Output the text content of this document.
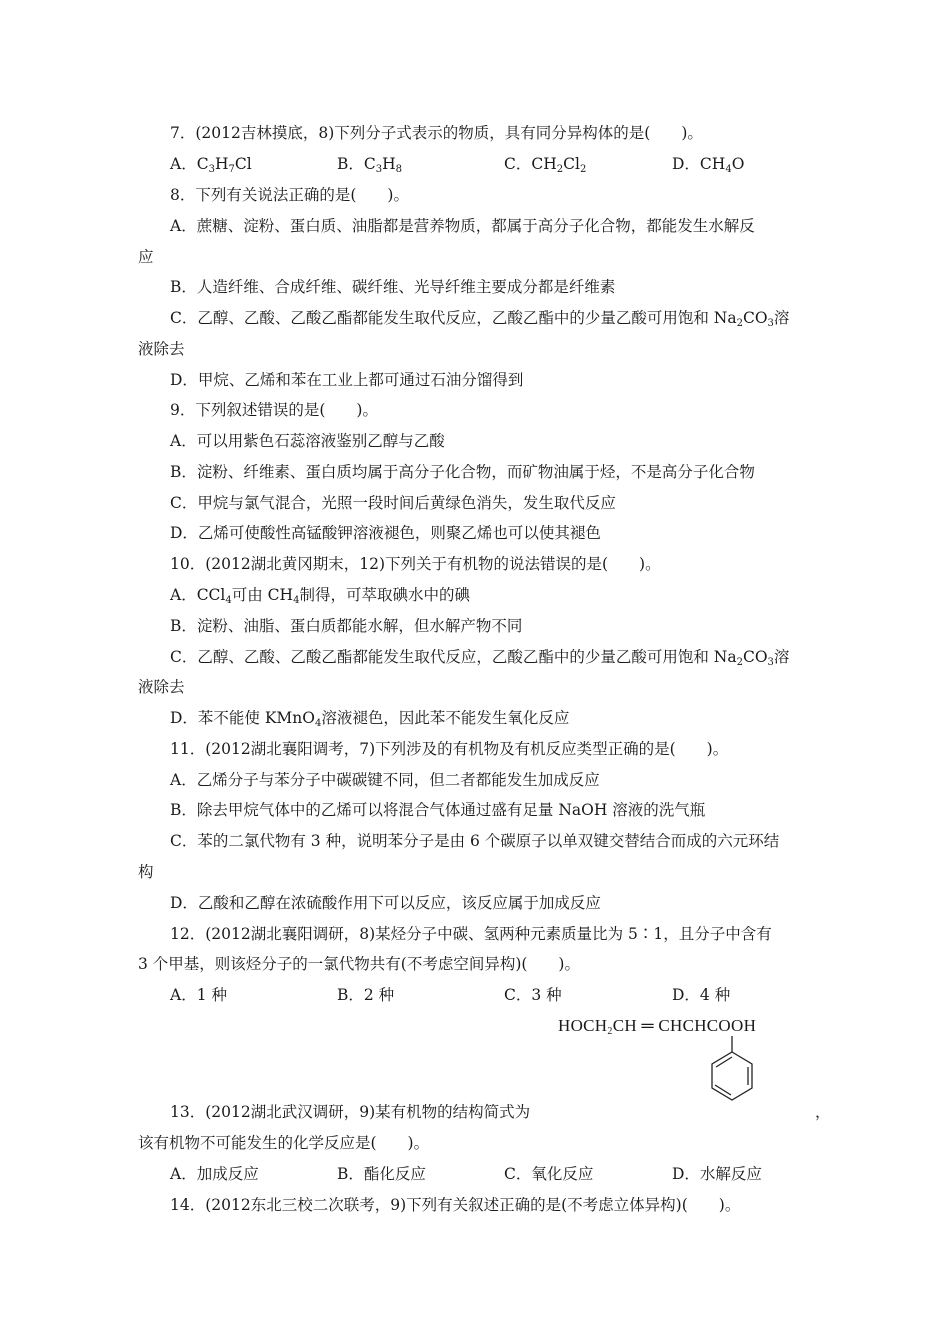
7．(2012吉林摸底，8)下列分子式表示的物质，具有同分异构体的是(　　)。
A．$C_3H_7Cl$	B．$C_3H_8$	C．$CH_2Cl_2$	D．$CH_4O$
8．下列有关说法正确的是(　　)。
A．蔗糖、淀粉、蛋白质、油脂都是营养物质，都属于高分子化合物，都能发生水解反
应
B．人造纤维、合成纤维、碳纤维、光导纤维主要成分都是纤维素
C．乙醇、乙酸、乙酸乙酯都能发生取代反应，乙酸乙酯中的少量乙酸可用饱和 $Na_2CO_3$溶
液除去
D．甲烷、乙烯和苯在工业上都可通过石油分馏得到
9．下列叙述错误的是(　　)。
A．可以用紫色石蕊溶液鉴别乙醇与乙酸
B．淀粉、纤维素、蛋白质均属于高分子化合物，而矿物油属于烃，不是高分子化合物
C．甲烷与氯气混合，光照一段时间后黄绿色消失，发生取代反应
D．乙烯可使酸性高锰酸钾溶液褪色，则聚乙烯也可以使其褪色
10．(2012湖北黄冈期末，12)下列关于有机物的说法错误的是(　　)。
A．CCl$_4$可由 $CH_4$制得，可萃取碘水中的碘
B．淀粉、油脂、蛋白质都能水解，但水解产物不同
C．乙醇、乙酸、乙酸乙酯都能发生取代反应，乙酸乙酯中的少量乙酸可用饱和 $Na_2CO_3$溶
液除去
D．苯不能使 KMnO$_4$溶液褪色，因此苯不能发生氧化反应
11．(2012湖北襄阳调考，7)下列涉及的有机物及有机反应类型正确的是(　　)。
A．乙烯分子与苯分子中碳碳键不同，但二者都能发生加成反应
B．除去甲烷气体中的乙烯可以将混合气体通过盛有足量 NaOH 溶液的洗气瓶
C．苯的二氯代物有 3 种，说明苯分子是由 6 个碳原子以单双键交替结合而成的六元环结
构
D．乙酸和乙醇在浓硫酸作用下可以反应，该反应属于加成反应
12．(2012湖北襄阳调研，8)某烃分子中碳、氢两种元素质量比为 5∶1，且分子中含有
3 个甲基，则该烃分子的一氯代物共有(不考虑空间异构)(　　)。
A．1 种	B．2 种	C．3 种	D．4 种
$HOCH_2CH$ ═ CHCHCOOH
13．(2012湖北武汉调研，9)某有机物的结构简式为	，
该有机物不可能发生的化学反应是(　　)。
A．加成反应	B．酯化反应	C．氧化反应	D．水解反应
14．(2012东北三校二次联考，9)下列有关叙述正确的是(不考虑立体异构)(　　)。
